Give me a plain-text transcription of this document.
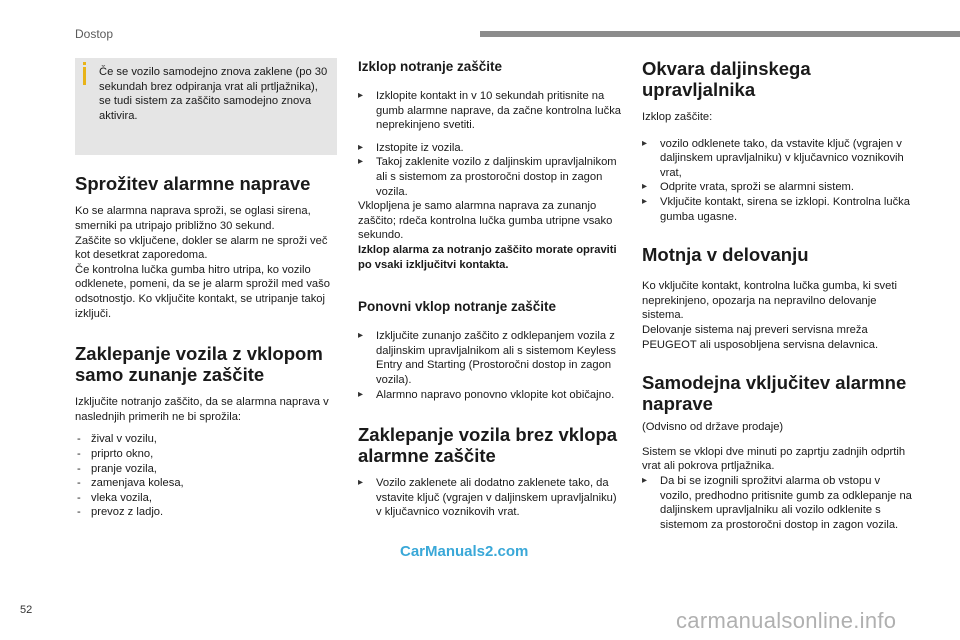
Dostop
Če se vozilo samodejno znova zaklene (po 30 sekundah brez odpiranja vrat ali prtljažnika), se tudi sistem za zaščito samodejno znova aktivira.
Sprožitev alarmne naprave

Ko se alarmna naprava sproži, se oglasi sirena, smerniki pa utripajo približno 30 sekund.

Zaščite so vključene, dokler se alarm ne sproži več kot desetkrat zaporedoma.

Če kontrolna lučka gumba hitro utripa, ko vozilo odklenete, pomeni, da se je alarm sprožil med vašo odsotnostjo. Ko vključite kontakt, se utripanje takoj izključi.

Zaklepanje vozila z vklopom samo zunanje zaščite

Izključite notranjo zaščito, da se alarmna naprava v naslednjih primerih ne bi sprožila:

- žival v vozilu,
- priprto okno,
- pranje vozila,
- zamenjava kolesa,
- vleka vozila,
- prevoz z ladjo.
Izklop notranje zaščite
▸ Izklopite kontakt in v 10 sekundah pritisnite na gumb alarmne naprave, da začne kontrolna lučka neprekinjeno svetiti.
▸ Izstopite iz vozila.
▸ Takoj zaklenite vozilo z daljinskim upravljalnikom ali s sistemom za prostoročni dostop in zagon vozila.

Vklopljena je samo alarmna naprava za zunanjo zaščito; rdeča kontrolna lučka gumba utripne vsako sekundo.

Izklop alarma za notranjo zaščito morate opraviti po vsaki izključitvi kontakta.

Ponovni vklop notranje zaščite
▸ Izključite zunanjo zaščito z odklepanjem vozila z daljinskim upravljalnikom ali s sistemom Keyless Entry and Starting (Prostoročni dostop in zagon vozila).
▸ Alarmno napravo ponovno vklopite kot običajno.
Zaklepanje vozila brez vklopa alarmne zaščite
▸ Vozilo zaklenete ali dodatno zaklenete tako, da vstavite ključ (vgrajen v daljinskem upravljalniku) v ključavnico voznikovih vrat.
Okvara daljinskega upravljalnika

Izklop zaščite:

▸ vozilo odklenete tako, da vstavite ključ (vgrajen v daljinskem upravljalniku) v ključavnico voznikovih vrat,
▸ Odprite vrata, sproži se alarmni sistem.
▸ Vključite kontakt, sirena se izklopi. Kontrolna lučka gumba ugasne.
Motnja v delovanju

Ko vključite kontakt, kontrolna lučka gumba, ki sveti neprekinjeno, opozarja na nepravilno delovanje sistema.

Delovanje sistema naj preveri servisna mreža PEUGEOT ali usposobljena servisna delavnica.

Samodejna vključitev alarmne naprave

(Odvisno od države prodaje)

Sistem se vklopi dve minuti po zaprtju zadnjih odprtih vrat ali pokrova prtljažnika.

▸ Da bi se izognili sprožitvi alarma ob vstopu v vozilo, predhodno pritisnite gumb za odklepanje na daljinskem upravljalniku ali vozilo odklenite s sistemom za prostoročni dostop in zagon vozila.
CarManuals2.com
52	carmanualsonline.info
